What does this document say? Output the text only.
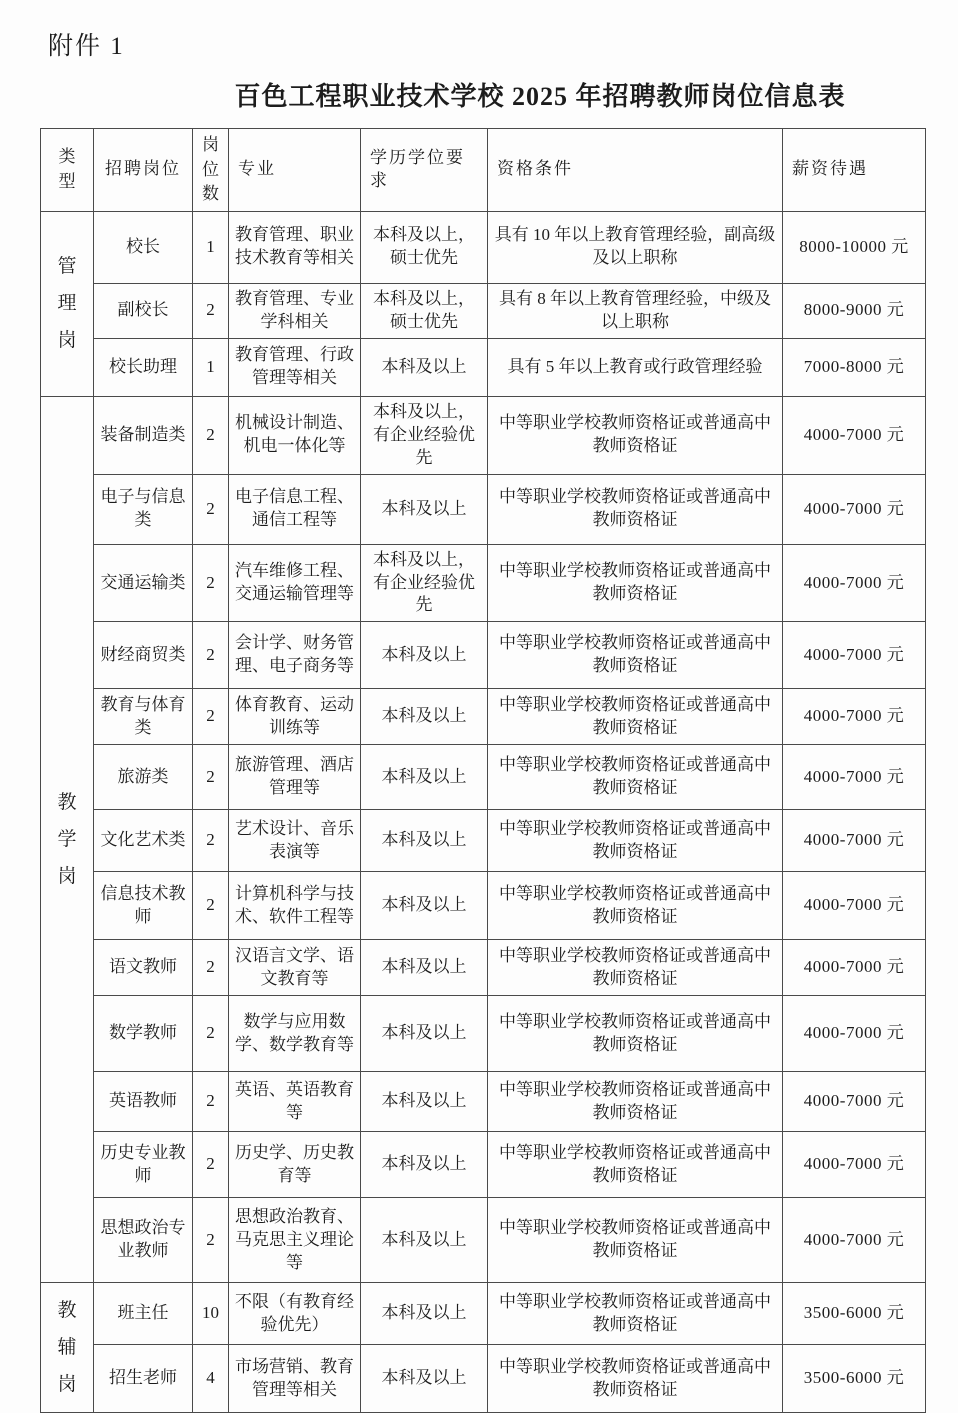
附件 1
百色工程职业技术学校 2025 年招聘教师岗位信息表
类型	招聘岗位	岗位数	专业	学历学位要求	资格条件	薪资待遇
管理岗	校长	1	教育管理、职业技术教育等相关	本科及以上，硕士优先	具有 10 年以上教育管理经验，副高级及以上职称	8000-10000 元
	副校长	2	教育管理、专业学科相关	本科及以上，硕士优先	具有 8 年以上教育管理经验，中级及以上职称	8000-9000 元
	校长助理	1	教育管理、行政管理等相关	本科及以上	具有 5 年以上教育或行政管理经验	7000-8000 元
教学岗	装备制造类	2	机械设计制造、机电一体化等	本科及以上，有企业经验优先	中等职业学校教师资格证或普通高中教师资格证	4000-7000 元
	电子与信息类	2	电子信息工程、通信工程等	本科及以上	中等职业学校教师资格证或普通高中教师资格证	4000-7000 元
	交通运输类	2	汽车维修工程、交通运输管理等	本科及以上，有企业经验优先	中等职业学校教师资格证或普通高中教师资格证	4000-7000 元
	财经商贸类	2	会计学、财务管理、电子商务等	本科及以上	中等职业学校教师资格证或普通高中教师资格证	4000-7000 元
	教育与体育类	2	体育教育、运动训练等	本科及以上	中等职业学校教师资格证或普通高中教师资格证	4000-7000 元
	旅游类	2	旅游管理、酒店管理等	本科及以上	中等职业学校教师资格证或普通高中教师资格证	4000-7000 元
	文化艺术类	2	艺术设计、音乐表演等	本科及以上	中等职业学校教师资格证或普通高中教师资格证	4000-7000 元
	信息技术教师	2	计算机科学与技术、软件工程等	本科及以上	中等职业学校教师资格证或普通高中教师资格证	4000-7000 元
	语文教师	2	汉语言文学、语文教育等	本科及以上	中等职业学校教师资格证或普通高中教师资格证	4000-7000 元
	数学教师	2	数学与应用数学、数学教育等	本科及以上	中等职业学校教师资格证或普通高中教师资格证	4000-7000 元
	英语教师	2	英语、英语教育等	本科及以上	中等职业学校教师资格证或普通高中教师资格证	4000-7000 元
	历史专业教师	2	历史学、历史教育等	本科及以上	中等职业学校教师资格证或普通高中教师资格证	4000-7000 元
	思想政治专业教师	2	思想政治教育、马克思主义理论等	本科及以上	中等职业学校教师资格证或普通高中教师资格证	4000-7000 元
教辅岗	班主任	10	不限（有教育经验优先）	本科及以上	中等职业学校教师资格证或普通高中教师资格证	3500-6000 元
	招生老师	4	市场营销、教育管理等相关	本科及以上	中等职业学校教师资格证或普通高中教师资格证	3500-6000 元
